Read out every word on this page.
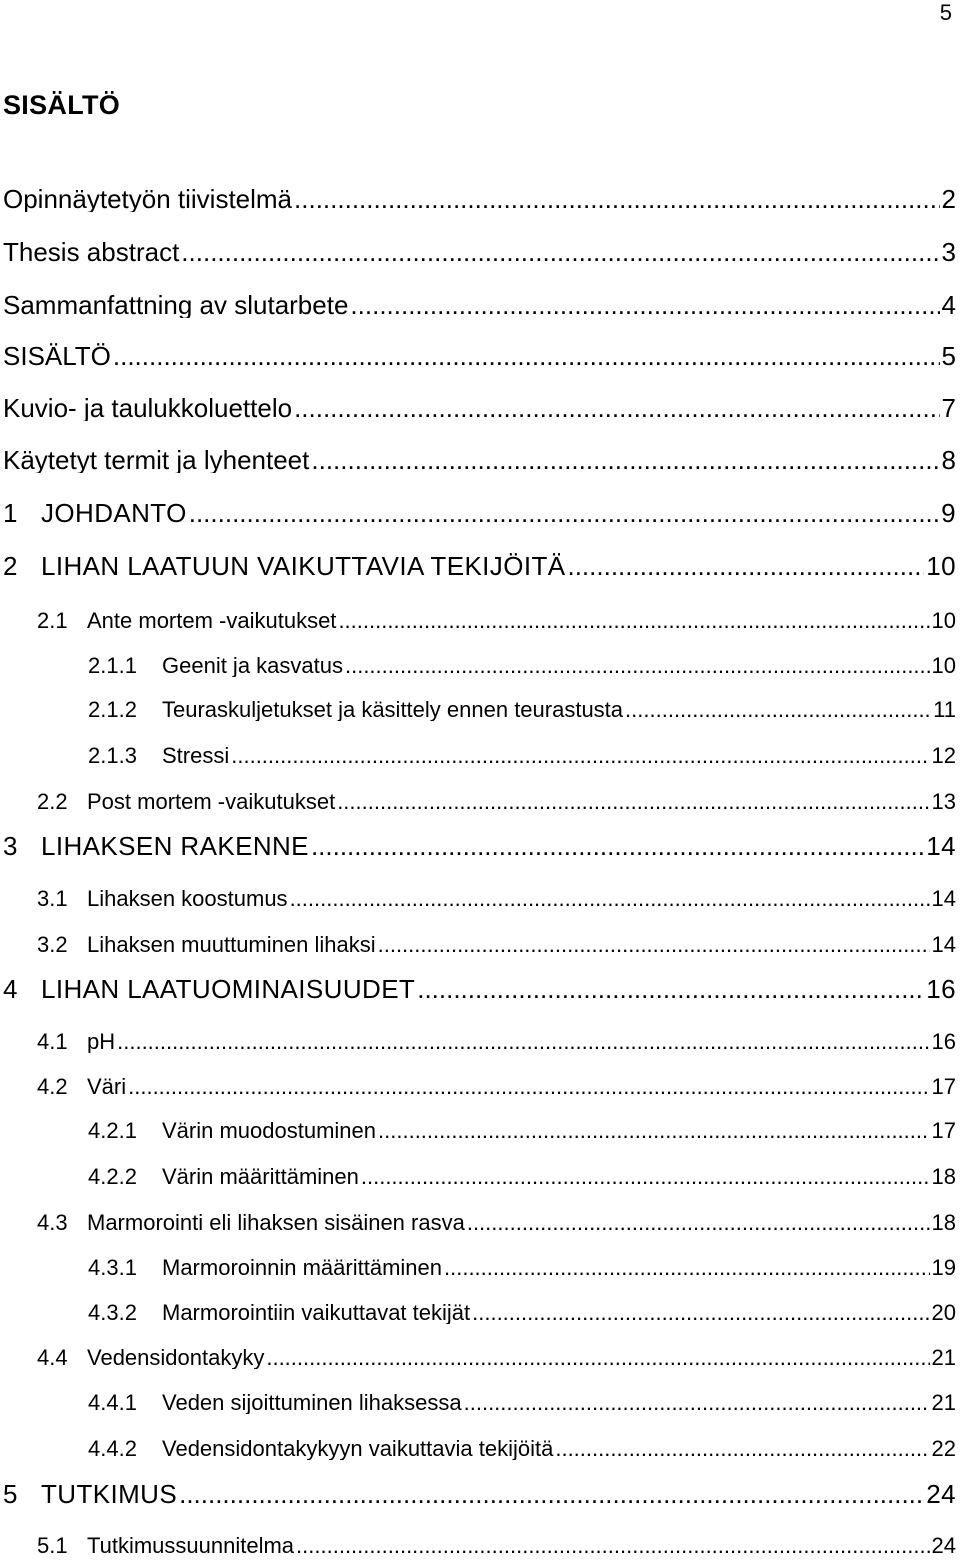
5
SISÄLTÖ
Opinnäytetyön tiivistelmä .....	2
Thesis abstract .....	3
Sammanfattning av slutarbete .....	4
SISÄLTÖ .....	5
Kuvio- ja taulukkoluettelo .....	7
Käytetyt termit ja lyhenteet .....	8
1 JOHDANTO .....	9
2 LIHAN LAATUUN VAIKUTTAVIA TEKIJÖITÄ .....	10
2.1 Ante mortem -vaikutukset .....	10
2.1.1	Geenit ja kasvatus .....	10
2.1.2	Teuraskuljetukset ja käsittely ennen teurastusta .....	11
2.1.3	Stressi .....	12
2.2 Post mortem -vaikutukset .....	13
3 LIHAKSEN RAKENNE .....	14
3.1 Lihaksen koostumus .....	14
3.2 Lihaksen muuttuminen lihaksi .....	14
4 LIHAN LAATUOMINAISUUDET .....	16
4.1 pH .....	16
4.2 Väri .....	17
4.2.1	Värin muodostuminen .....	17
4.2.2	Värin määrittäminen .....	18
4.3 Marmorointi eli lihaksen sisäinen rasva .....	18
4.3.1	Marmoroinnin määrittäminen .....	19
4.3.2	Marmorointiin vaikuttavat tekijät .....	20
4.4 Vedensidontakyky .....	21
4.4.1	Veden sijoittuminen lihaksessa .....	21
4.4.2	Vedensidontakykyyn vaikuttavia tekijöitä .....	22
5 TUTKIMUS .....	24
5.1 Tutkimussuunnitelma .....	24
